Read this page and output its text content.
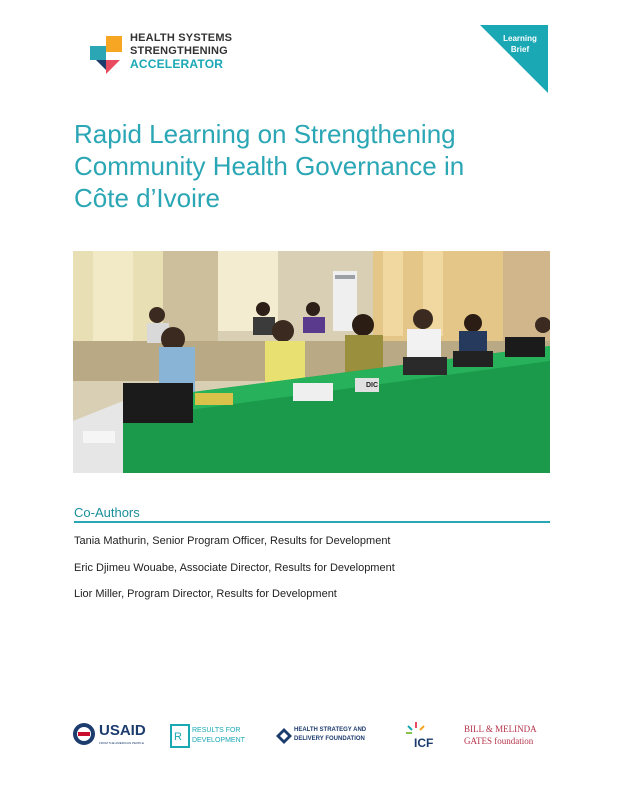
HEALTH SYSTEMS
STRENGTHENING
ACCELERATOR
Learning
Brief
Rapid Learning on Strengthening
Community Health Governance in
Côte d’Ivoire
DIC
Co-Authors
Tania Mathurin, Senior Program Officer, Results for Development
Eric Djimeu Wouabe, Associate Director, Results for Development
Lior Miller, Program Director, Results for Development
USAID
FROM THE AMERICAN PEOPLE	R
RESULTS FOR
DEVELOPMENT
HEALTH STRATEGY AND
DELIVERY FOUNDATION	ICF
BILL & MELINDA
GATES foundation
